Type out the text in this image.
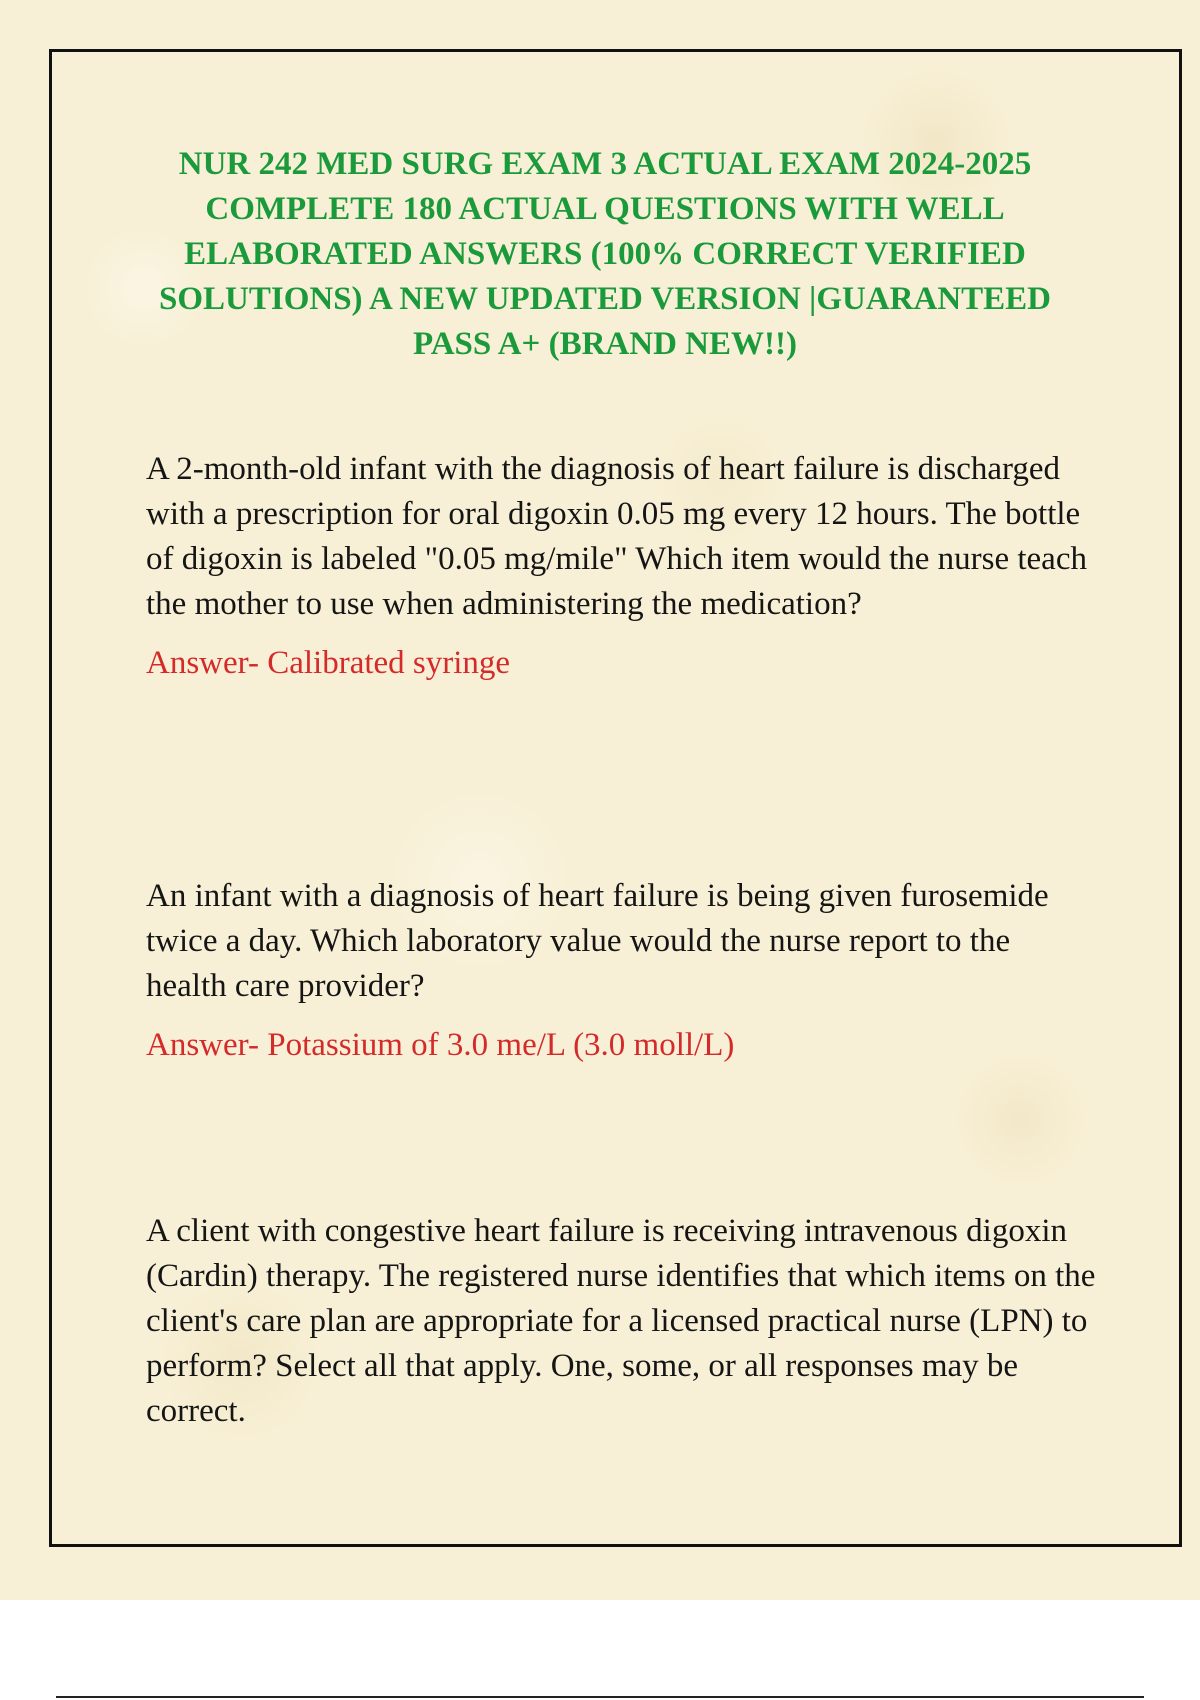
NUR 242 MED SURG EXAM 3 ACTUAL EXAM 2024-2025 COMPLETE 180 ACTUAL QUESTIONS WITH WELL ELABORATED ANSWERS (100% CORRECT VERIFIED SOLUTIONS) A NEW UPDATED VERSION |GUARANTEED PASS A+ (BRAND NEW!!)

A 2-month-old infant with the diagnosis of heart failure is discharged with a prescription for oral digoxin 0.05 mg every 12 hours. The bottle of digoxin is labeled "0.05 mg/mile" Which item would the nurse teach the mother to use when administering the medication?

Answer- Calibrated syringe

An infant with a diagnosis of heart failure is being given furosemide twice a day. Which laboratory value would the nurse report to the health care provider?

Answer- Potassium of 3.0 me/L (3.0 moll/L)

A client with congestive heart failure is receiving intravenous digoxin (Cardin) therapy. The registered nurse identifies that which items on the client's care plan are appropriate for a licensed practical nurse (LPN) to perform? Select all that apply. One, some, or all responses may be correct.
